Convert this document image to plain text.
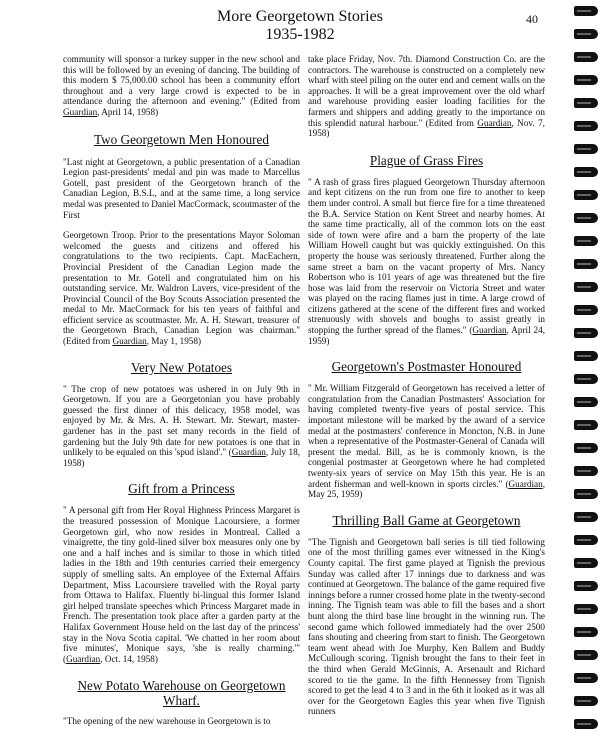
More Georgetown Stories
1935-1982
40

community will sponsor a turkey supper in the new school and this will be followed by an evening of dancing. The building of this modern $ 75,000.00 school has been a community effort throughout and a very large crowd is expected to be in attendance during the afternoon and evening." (Edited from Guardian, April 14, 1958)

Two Georgetown Men Honoured

"Last night at Georgetown, a public presentation of a Canadian Legion past-presidents' medal and pin was made to Marcellus Gotell, past president of the Georgetown branch of the Canadian Legion, B.S.L, and at the same time, a long service medal was presented to Daniel MacCormack, scoutmaster of the First

Georgetown Troop. Prior to the presentations Mayor Soloman welcomed the guests and citizens and offered his congratulations to the two recipients. Capt. MacEachern, Provincial President of the Canadian Legion made the presentation to Mr. Gotell and congratulated him on his outstanding service. Mr. Waldron Lavers, vice-president of the Provincial Council of the Boy Scouts Association presented the medal to Mr. MacCormack for his ten years of faithful and efficient service as scoutmaster. Mr. A. H. Stewart, treasurer of the Georgetown Brach, Canadian Legion was chairman." (Edited from Guardian, May 1, 1958)

Very New Potatoes

" The crop of new potatoes was ushered in on July 9th in Georgetown. If you are a Georgetonian you have probably guessed the first dinner of this delicacy, 1958 model, was enjoyed by Mr. & Mrs. A. H. Stewart. Mr. Stewart, master-gardener has in the past set many records in the field of gardening but the July 9th date for new potatoes is one that in unlikely to be equaled on this 'spud island'." (Guardian, July 18, 1958)

Gift from a Princess

" A personal gift from Her Royal Highness Princess Margaret is the treasured possession of Monique Lacoursiere, a former Georgetown girl, who now resides in Montreal. Called a vinaigrette, the tiny gold-lined silver box measures only one by one and a half inches and is similar to those in which titled ladies in the 18th and 19th centuries carried their emergency supply of smelling salts. An employee of the External Affairs Department, Miss Lacoursiere travelled with the Royal party from Ottawa to Halifax. Fluently bi-lingual this former Island girl helped translate speeches which Princess Margaret made in French. The presentation took place after a garden party at the Halifax Government House held on the last day of the princess' stay in the Nova Scotia capital. 'We chatted in her room about five minutes', Monique says, 'she is really charming.'" (Guardian, Oct. 14, 1958)

New Potato Warehouse on Georgetown Wharf.

"The opening of the new warehouse in Georgetown is to

take place Friday, Nov. 7th. Diamond Construction Co. are the contractors. The warehouse is constructed on a completely new wharf with steel piling on the outer end and cement walls on the approaches. It will be a great improvement over the old wharf and warehouse providing easier loading facilities for the farmers and shippers and adding greatly to the importance on this splendid natural harbour." (Edited from Guardian, Nov. 7, 1958)

Plague of Grass Fires

" A rash of grass fires plagued Georgetown Thursday afternoon and kept citizens on the run from one fire to another to keep them under control. A small but fierce fire for a time threatened the B.A. Service Station on Kent Street and nearby homes. At the same time practically, all of the common lots on the east side of town were afire and a barn the property of the late William Howell caught but was quickly extinguished. On this property the house was seriously threatened. Further along the same street a barn on the vacant property of Mrs. Nancy Robertson who is 101 years of age was threatened but the fire hose was laid from the reservoir on Victoria Street and water was played on the racing flames just in time. A large crowd of citizens gathered at the scene of the different fires and worked strenuously with shovels and boughs to assist greatly in stopping the further spread of the flames." (Guardian, April 24, 1959)

Georgetown's Postmaster Honoured

" Mr. William Fitzgerald of Georgetown has received a letter of congratulation from the Canadian Postmasters' Association for having completed twenty-five years of postal service. This important milestone will be marked by the award of a service medal at the postmasters' conference in Moncton, N.B. in June when a representative of the Postmaster-General of Canada will present the medal. Bill, as he is commonly known, is the congenial postmaster at Georgetown where he had completed twenty-six years of service on May 15th this year. He is an ardent fisherman and well-known in sports circles." (Guardian, May 25, 1959)

Thrilling Ball Game at Georgetown

"The Tignish and Georgetown ball series is till tied following one of the most thrilling games ever witnessed in the King's County capital. The first game played at Tignish the previous Sunday was called after 17 innings due to darkness and was continued at Georgetown. The balance of the game required five innings before a runner crossed home plate in the twenty-second inning. The Tignish team was able to fill the bases and a short bunt along the third base line brought in the winning run. The second game which followed immediately had the over 2500 fans shouting and cheering from start to finish. The Georgetown team went ahead with Joe Murphy, Ken Ballem and Buddy McCullough scoring. Tignish brought the fans to their feet in the third when Gerald McGinnis, A. Arsenault and Richard scored to tie the game. In the fifth Hennessey from Tignish scored to get the lead 4 to 3 and in the 6th it looked as it was all over for the Georgetown Eagles this year when five Tignish runners
